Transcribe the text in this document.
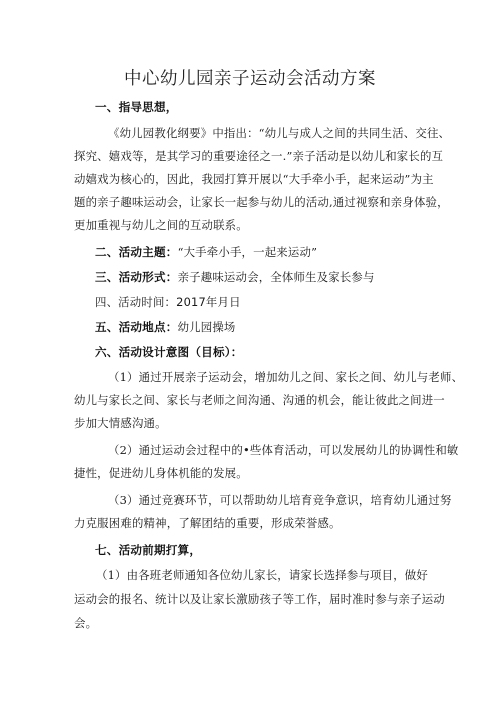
中心幼儿园亲子运动会活动方案
一、指导思想，
《幼儿园教化纲要》中指出：“幼儿与成人之间的共同生活、交往、
探究、嬉戏等，是其学习的重要途径之一.”亲子活动是以幼儿和家长的互
动嬉戏为核心的，因此，我园打算开展以“大手牵小手，起来运动”为主
题的亲子趣味运动会，让家长一起参与幼儿的活动,通过视察和亲身体验，
更加重视与幼儿之间的互动联系。
二、活动主题：“大手牵小手，一起来运动”
三、活动形式：亲子趣味运动会，全体师生及家长参与
四、活动时间：2017年月日
五、活动地点：幼儿园操场
六、活动设计意图（目标）：
（1）通过开展亲子运动会，增加幼儿之间、家长之间、幼儿与老师、
幼儿与家长之间、家长与老师之间沟通、沟通的机会，能让彼此之间进一
步加大情感沟通。
（2）通过运动会过程中的•些体育活动，可以发展幼儿的协调性和敏
捷性，促进幼儿身体机能的发展。
（3）通过竞赛环节，可以帮助幼儿培育竞争意识，培育幼儿通过努
力克服困难的精神，了解团结的重要，形成荣誉感。
七、活动前期打算，
（1）由各班老师通知各位幼儿家长，请家长选择参与项目，做好
运动会的报名、统计以及让家长激励孩子等工作，届时准时参与亲子运动
会。
